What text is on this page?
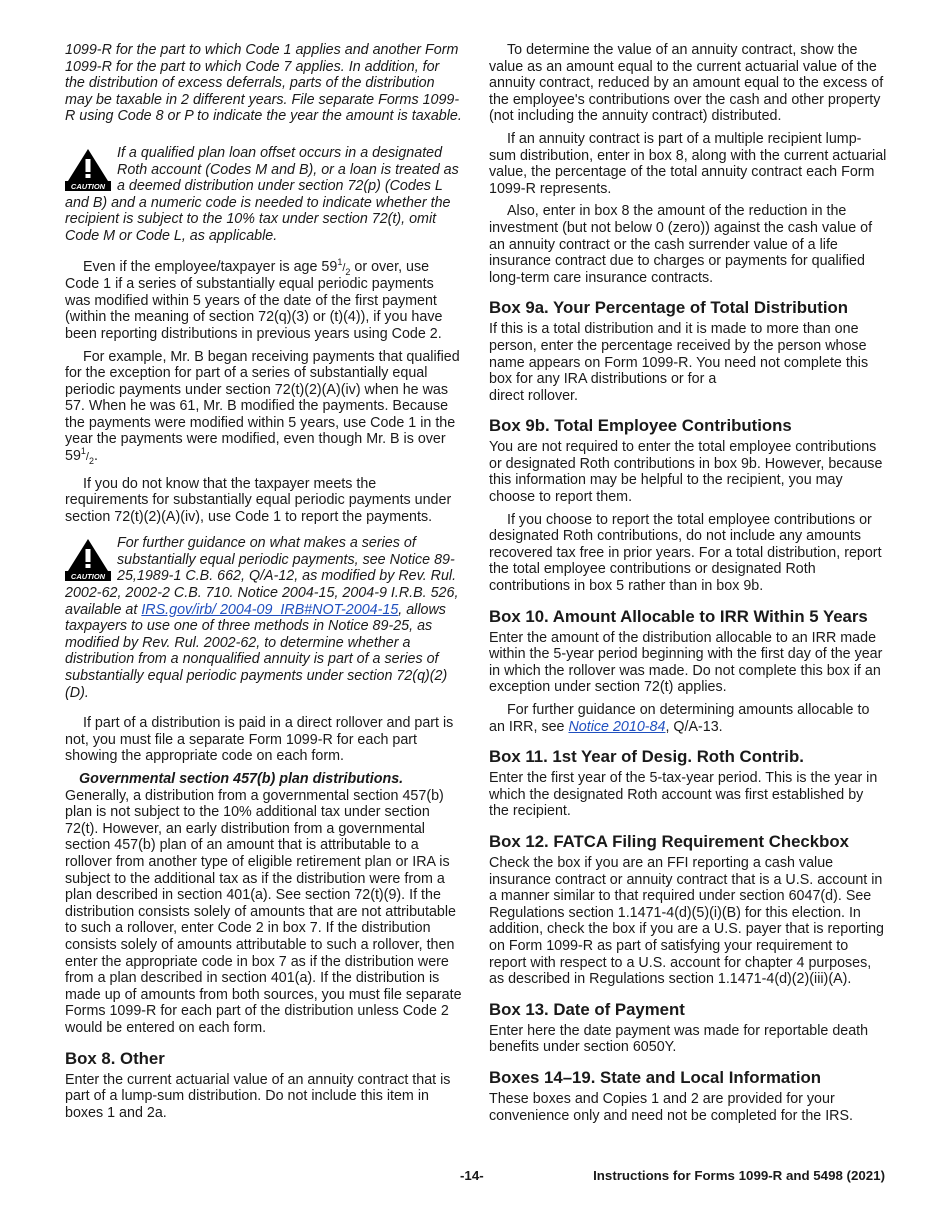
1099-R for the part to which Code 1 applies and another Form 1099-R for the part to which Code 7 applies. In addition, for the distribution of excess deferrals, parts of the distribution may be taxable in 2 different years. File separate Forms 1099-R using Code 8 or P to indicate the year the amount is taxable.

CAUTION
If a qualified plan loan offset occurs in a designated Roth account (Codes M and B), or a loan is treated as a deemed distribution under section 72(p) (Codes L and B) and a numeric code is needed to indicate whether the recipient is subject to the 10% tax under section 72(t), omit Code M or Code L, as applicable.

Even if the employee/taxpayer is age $59^1/_2$ or over, use Code 1 if a series of substantially equal periodic payments was modified within 5 years of the date of the first payment (within the meaning of section 72(q)(3) or (t)(4)), if you have been reporting distributions in previous years using Code 2.

For example, Mr. B began receiving payments that qualified for the exception for part of a series of substantially equal periodic payments under section 72(t)(2)(A)(iv) when he was 57. When he was 61, Mr. B modified the payments. Because the payments were modified within 5 years, use Code 1 in the year the payments were modified, even though Mr. B is over $59^1/_2$.

If you do not know that the taxpayer meets the requirements for substantially equal periodic payments under section 72(t)(2)(A)(iv), use Code 1 to report the payments.

CAUTION
For further guidance on what makes a series of substantially equal periodic payments, see Notice 89-25,1989-1 C.B. 662, Q/A-12, as modified by Rev. Rul. 2002-62, 2002-2 C.B. 710. Notice 2004-15, 2004-9 I.R.B. 526, available at IRS.gov/irb/ 2004-09_IRB#NOT-2004-15, allows taxpayers to use one of three methods in Notice 89-25, as modified by Rev. Rul. 2002-62, to determine whether a distribution from a nonqualified annuity is part of a series of substantially equal periodic payments under section 72(q)(2)(D).

If part of a distribution is paid in a direct rollover and part is not, you must file a separate Form 1099-R for each part showing the appropriate code on each form.

Governmental section 457(b) plan distributions. Generally, a distribution from a governmental section 457(b) plan is not subject to the 10% additional tax under section 72(t). However, an early distribution from a governmental section 457(b) plan of an amount that is attributable to a rollover from another type of eligible retirement plan or IRA is subject to the additional tax as if the distribution were from a plan described in section 401(a). See section 72(t)(9). If the distribution consists solely of amounts that are not attributable to such a rollover, enter Code 2 in box 7. If the distribution consists solely of amounts attributable to such a rollover, then enter the appropriate code in box 7 as if the distribution were from a plan described in section 401(a). If the distribution is made up of amounts from both sources, you must file separate Forms 1099-R for each part of the distribution unless Code 2 would be entered on each form.

Box 8. Other

Enter the current actuarial value of an annuity contract that is part of a lump-sum distribution. Do not include this item in boxes 1 and 2a.

To determine the value of an annuity contract, show the value as an amount equal to the current actuarial value of the annuity contract, reduced by an amount equal to the excess of the employee's contributions over the cash and other property (not including the annuity contract) distributed.

If an annuity contract is part of a multiple recipient lump-sum distribution, enter in box 8, along with the current actuarial value, the percentage of the total annuity contract each Form 1099-R represents.

Also, enter in box 8 the amount of the reduction in the investment (but not below 0 (zero)) against the cash value of an annuity contract or the cash surrender value of a life insurance contract due to charges or payments for qualified long-term care insurance contracts.

Box 9a. Your Percentage of Total Distribution

If this is a total distribution and it is made to more than one person, enter the percentage received by the person whose name appears on Form 1099-R. You need not complete this box for any IRA distributions or for a
direct rollover.

Box 9b. Total Employee Contributions

You are not required to enter the total employee contributions or designated Roth contributions in box 9b. However, because this information may be helpful to the recipient, you may choose to report them.

If you choose to report the total employee contributions or designated Roth contributions, do not include any amounts recovered tax free in prior years. For a total distribution, report the total employee contributions or designated Roth contributions in box 5 rather than in box 9b.

Box 10. Amount Allocable to IRR Within 5 Years

Enter the amount of the distribution allocable to an IRR made within the 5-year period beginning with the first day of the year in which the rollover was made. Do not complete this box if an exception under section 72(t) applies.

For further guidance on determining amounts allocable to an IRR, see Notice 2010-84, Q/A-13.

Box 11. 1st Year of Desig. Roth Contrib.

Enter the first year of the 5-tax-year period. This is the year in which the designated Roth account was first established by the recipient.

Box 12. FATCA Filing Requirement Checkbox

Check the box if you are an FFI reporting a cash value insurance contract or annuity contract that is a U.S. account in a manner similar to that required under section 6047(d). See Regulations section 1.1471-4(d)(5)(i)(B) for this election. In addition, check the box if you are a U.S. payer that is reporting on Form 1099-R as part of satisfying your requirement to report with respect to a U.S. account for chapter 4 purposes, as described in Regulations section 1.1471-4(d)(2)(iii)(A).

Box 13. Date of Payment

Enter here the date payment was made for reportable death benefits under section 6050Y.

Boxes 14–19. State and Local Information

These boxes and Copies 1 and 2 are provided for your convenience only and need not be completed for the IRS.

-14-	Instructions for Forms 1099-R and 5498 (2021)
